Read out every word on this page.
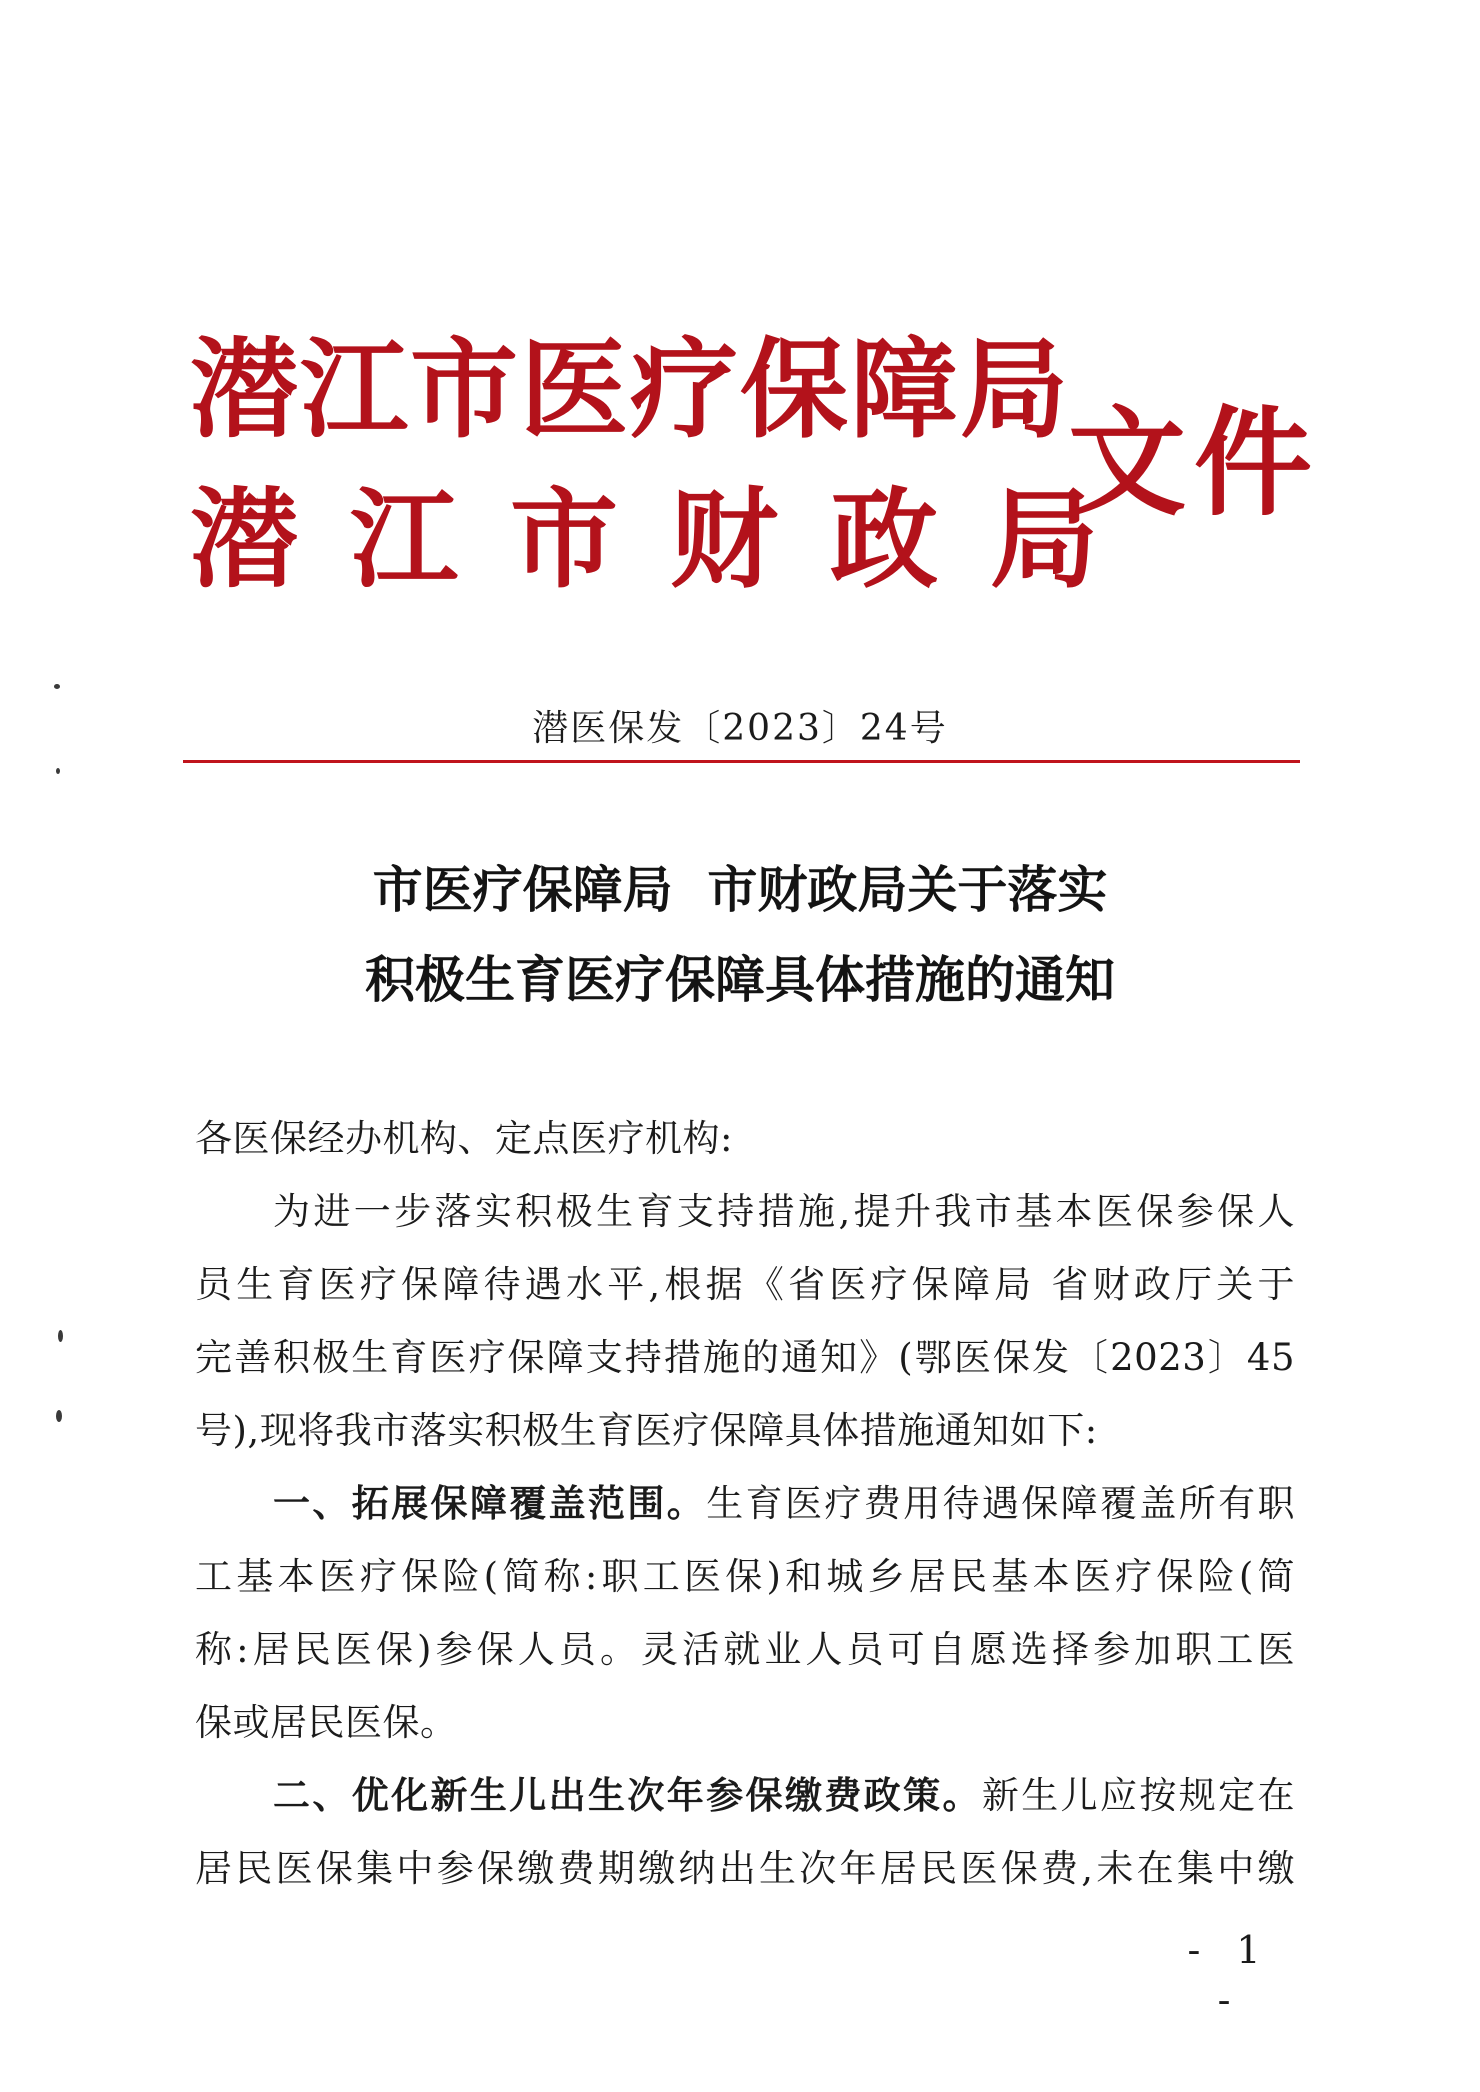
潜江市医疗保障局
潜江市财政局
文件
潜医保发〔2023〕24号
市医疗保障局  市财政局关于落实
积极生育医疗保障具体措施的通知
各医保经办机构、定点医疗机构:
为进一步落实积极生育支持措施,提升我市基本医保参保人
员生育医疗保障待遇水平,根据《省医疗保障局 省财政厅关于
完善积极生育医疗保障支持措施的通知》(鄂医保发〔2023〕45
号),现将我市落实积极生育医疗保障具体措施通知如下:
一、拓展保障覆盖范围。生育医疗费用待遇保障覆盖所有职
工基本医疗保险(简称:职工医保)和城乡居民基本医疗保险(简
称:居民医保)参保人员。灵活就业人员可自愿选择参加职工医
保或居民医保。
二、优化新生儿出生次年参保缴费政策。新生儿应按规定在
居民医保集中参保缴费期缴纳出生次年居民医保费,未在集中缴
- 1 -
